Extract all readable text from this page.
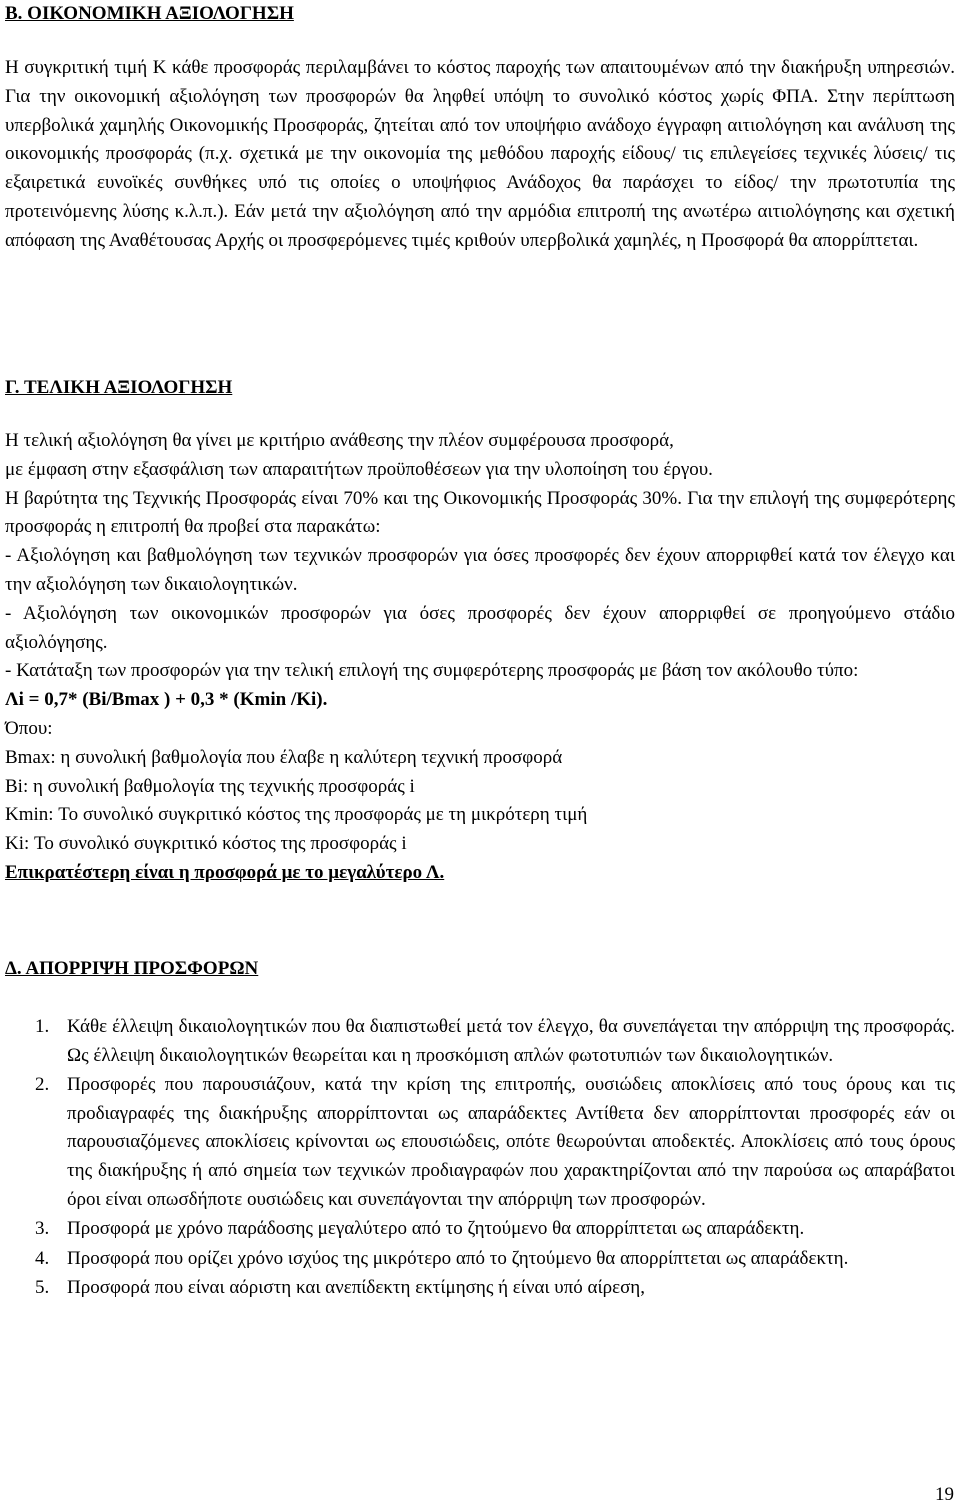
Β. ΟΙΚΟΝΟΜΙΚΗ ΑΞΙΟΛΟΓΗΣΗ

Η συγκριτική τιμή Κ κάθε προσφοράς περιλαμβάνει το κόστος παροχής των απαιτουμένων από την διακήρυξη υπηρεσιών. Για την οικονομική αξιολόγηση των προσφορών θα ληφθεί υπόψη το συνολικό κόστος χωρίς ΦΠΑ. Στην περίπτωση υπερβολικά χαμηλής Οικονομικής Προσφοράς, ζητείται από τον υποψήφιο ανάδοχο έγγραφη αιτιολόγηση και ανάλυση της οικονομικής προσφοράς (π.χ. σχετικά με την οικονομία της μεθόδου παροχής είδους/ τις επιλεγείσες τεχνικές λύσεις/ τις εξαιρετικά ευνοϊκές συνθήκες υπό τις οποίες ο υποψήφιος Ανάδοχος θα παράσχει το είδος/ την πρωτοτυπία της προτεινόμενης λύσης κ.λ.π.). Εάν μετά την αξιολόγηση από την αρμόδια επιτροπή της ανωτέρω αιτιολόγησης και σχετική απόφαση της Αναθέτουσας Αρχής οι προσφερόμενες τιμές κριθούν υπερβολικά χαμηλές, η Προσφορά θα απορρίπτεται.

Γ. ΤΕΛΙΚΗ ΑΞΙΟΛΟΓΗΣΗ

Η τελική αξιολόγηση θα γίνει με κριτήριο ανάθεσης την πλέον συμφέρουσα προσφορά,

με έμφαση στην εξασφάλιση των απαραιτήτων προϋποθέσεων για την υλοποίηση του έργου.

Η βαρύτητα της Τεχνικής Προσφοράς είναι 70% και της Οικονομικής Προσφοράς 30%. Για την επιλογή της συμφερότερης προσφοράς η επιτροπή θα προβεί στα παρακάτω:

- Αξιολόγηση και βαθμολόγηση των τεχνικών προσφορών για όσες προσφορές δεν έχουν απορριφθεί κατά τον έλεγχο και την αξιολόγηση των δικαιολογητικών.

- Αξιολόγηση των οικονομικών προσφορών για όσες προσφορές δεν έχουν απορριφθεί σε προηγούμενο στάδιο αξιολόγησης.

- Κατάταξη των προσφορών για την τελική επιλογή της συμφερότερης προσφοράς με βάση τον ακόλουθο τύπο:

Λi = 0,7* (Bi/Bmax ) + 0,3 * (Kmin /Ki).

Όπου:

Bmax: η συνολική βαθμολογία που έλαβε η καλύτερη τεχνική προσφορά

Bi: η συνολική βαθμολογία της τεχνικής προσφοράς i

Kmin: Το συνολικό συγκριτικό κόστος της προσφοράς με τη μικρότερη τιμή

Ki: Το συνολικό συγκριτικό κόστος της προσφοράς i

Επικρατέστερη είναι η προσφορά με το μεγαλύτερο Λ.

Δ. ΑΠΟΡΡΙΨΗ ΠΡΟΣΦΟΡΩΝ

1. Κάθε έλλειψη δικαιολογητικών που θα διαπιστωθεί μετά τον έλεγχο, θα συνεπάγεται την απόρριψη της προσφοράς. Ως έλλειψη δικαιολογητικών θεωρείται και η προσκόμιση απλών φωτοτυπιών των δικαιολογητικών.
2. Προσφορές που παρουσιάζουν, κατά την κρίση της επιτροπής, ουσιώδεις αποκλίσεις από τους όρους και τις προδιαγραφές της διακήρυξης απορρίπτονται ως απαράδεκτες Αντίθετα δεν απορρίπτονται προσφορές εάν οι παρουσιαζόμενες αποκλίσεις κρίνονται ως επουσιώδεις, οπότε θεωρούνται αποδεκτές. Αποκλίσεις από τους όρους της διακήρυξης ή από σημεία των τεχνικών προδιαγραφών που χαρακτηρίζονται από την παρούσα ως απαράβατοι όροι είναι οπωσδήποτε ουσιώδεις και συνεπάγονται την απόρριψη των προσφορών.
3. Προσφορά με χρόνο παράδοσης μεγαλύτερο από το ζητούμενο θα απορρίπτεται ως απαράδεκτη.
4. Προσφορά που ορίζει χρόνο ισχύος της μικρότερο από το ζητούμενο θα απορρίπτεται ως απαράδεκτη.
5. Προσφορά που είναι αόριστη και ανεπίδεκτη εκτίμησης ή είναι υπό αίρεση,
19
